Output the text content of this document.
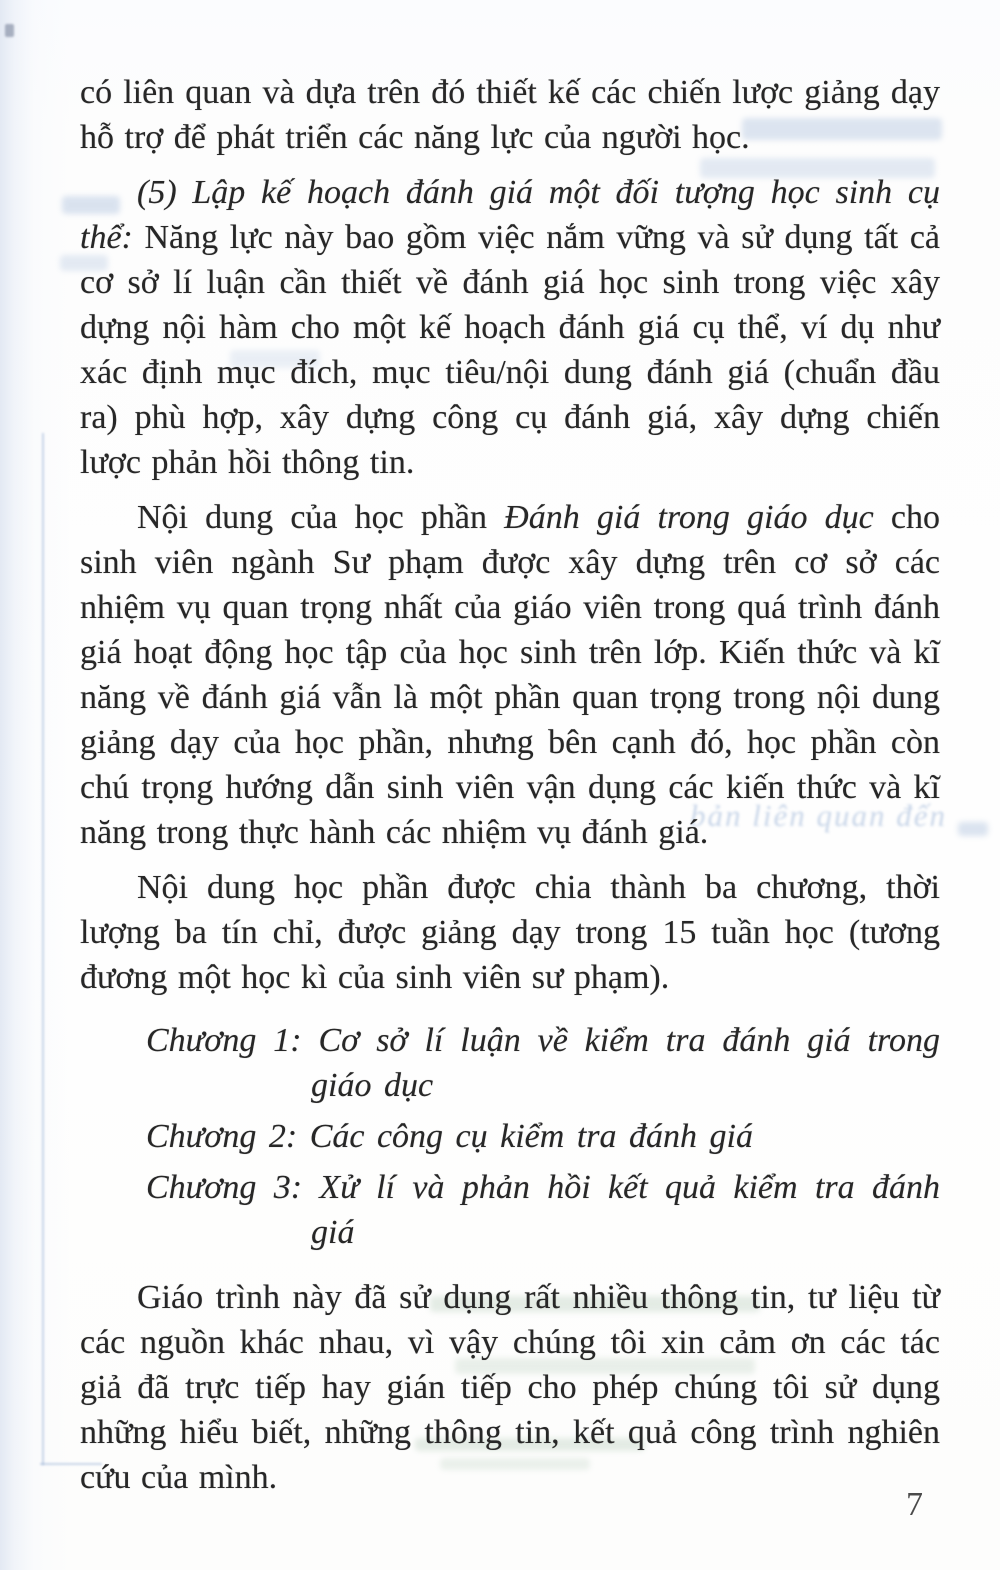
bản liên quan đến

có liên quan và dựa trên đó thiết kế các chiến lược giảng dạy hỗ trợ để phát triển các năng lực của người học.

(5) Lập kế hoạch đánh giá một đối tượng học sinh cụ thể: Năng lực này bao gồm việc nắm vững và sử dụng tất cả cơ sở lí luận cần thiết về đánh giá học sinh trong việc xây dựng nội hàm cho một kế hoạch đánh giá cụ thể, ví dụ như xác định mục đích, mục tiêu/nội dung đánh giá (chuẩn đầu ra) phù hợp, xây dựng công cụ đánh giá, xây dựng chiến lược phản hồi thông tin.

Nội dung của học phần Đánh giá trong giáo dục cho sinh viên ngành Sư phạm được xây dựng trên cơ sở các nhiệm vụ quan trọng nhất của giáo viên trong quá trình đánh giá hoạt động học tập của học sinh trên lớp. Kiến thức và kĩ năng về đánh giá vẫn là một phần quan trọng trong nội dung giảng dạy của học phần, nhưng bên cạnh đó, học phần còn chú trọng hướng dẫn sinh viên vận dụng các kiến thức và kĩ năng trong thực hành các nhiệm vụ đánh giá.

Nội dung học phần được chia thành ba chương, thời lượng ba tín chỉ, được giảng dạy trong 15 tuần học (tương đương một học kì của sinh viên sư phạm).

Chương 1: Cơ sở lí luận về kiểm tra đánh giá trong giáo dục

Chương 2: Các công cụ kiểm tra đánh giá

Chương 3: Xử lí và phản hồi kết quả kiểm tra đánh giá

Giáo trình này đã sử dụng rất nhiều thông tin, tư liệu từ các nguồn khác nhau, vì vậy chúng tôi xin cảm ơn các tác giả đã trực tiếp hay gián tiếp cho phép chúng tôi sử dụng những hiểu biết, những thông tin, kết quả công trình nghiên cứu của mình.

7
